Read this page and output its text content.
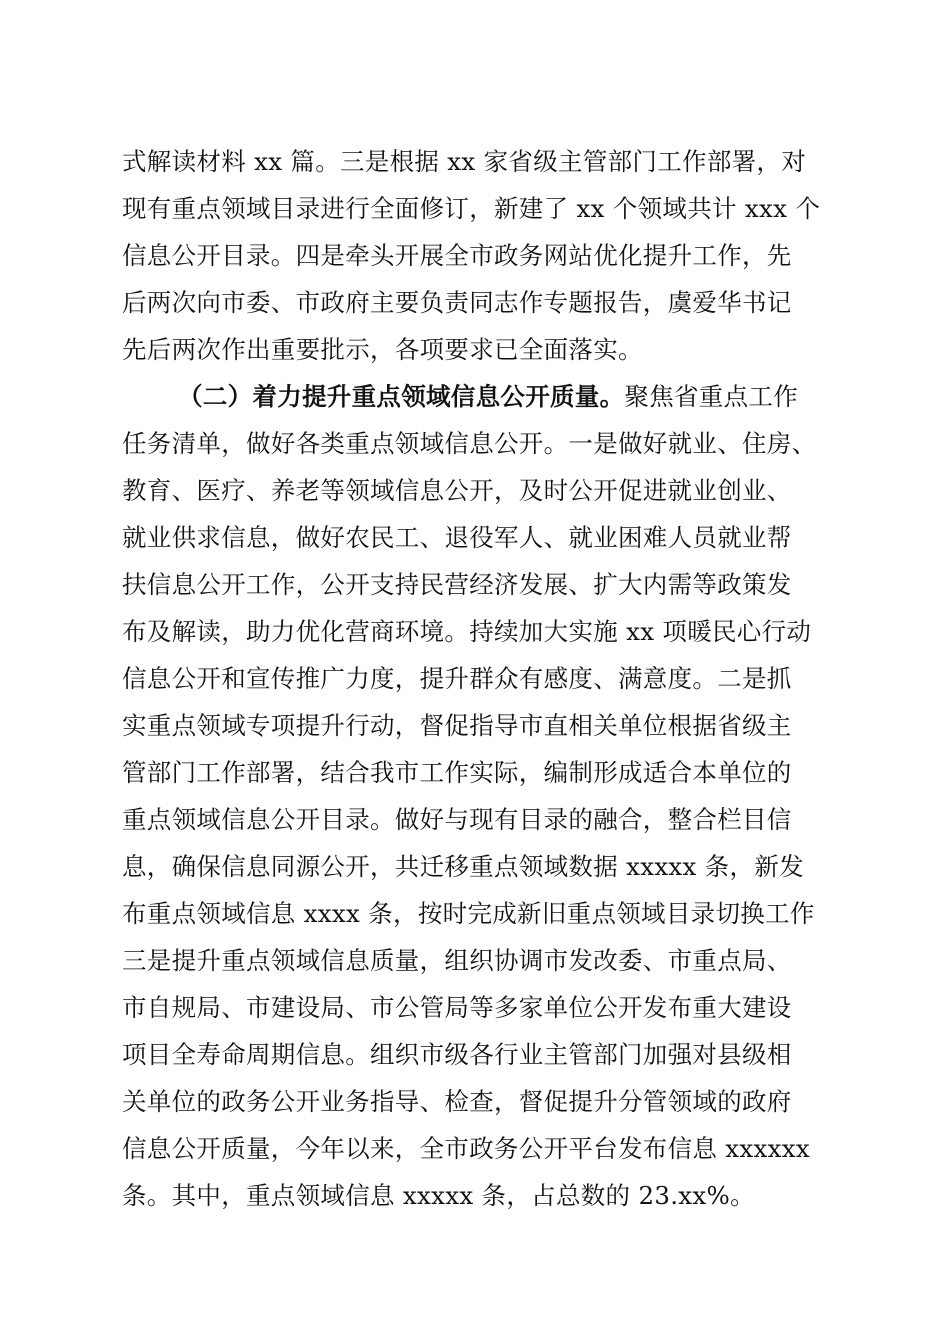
式解读材料 xx 篇。三是根据 xx 家省级主管部门工作部署，对
现有重点领域目录进行全面修订，新建了 xx 个领域共计 xxx 个
信息公开目录。四是牵头开展全市政务网站优化提升工作，先
后两次向市委、市政府主要负责同志作专题报告，虞爱华书记
先后两次作出重要批示，各项要求已全面落实。
（二）着力提升重点领域信息公开质量。聚焦省重点工作
任务清单，做好各类重点领域信息公开。一是做好就业、住房、
教育、医疗、养老等领域信息公开，及时公开促进就业创业、
就业供求信息，做好农民工、退役军人、就业困难人员就业帮
扶信息公开工作，公开支持民营经济发展、扩大内需等政策发
布及解读，助力优化营商环境。持续加大实施 xx 项暖民心行动
信息公开和宣传推广力度，提升群众有感度、满意度。二是抓
实重点领域专项提升行动，督促指导市直相关单位根据省级主
管部门工作部署，结合我市工作实际，编制形成适合本单位的
重点领域信息公开目录。做好与现有目录的融合，整合栏目信
息，确保信息同源公开，共迁移重点领域数据 xxxxx 条，新发
布重点领域信息 xxxx 条，按时完成新旧重点领域目录切换工作
三是提升重点领域信息质量，组织协调市发改委、市重点局、
市自规局、市建设局、市公管局等多家单位公开发布重大建设
项目全寿命周期信息。组织市级各行业主管部门加强对县级相
关单位的政务公开业务指导、检查，督促提升分管领域的政府
信息公开质量，今年以来，全市政务公开平台发布信息 xxxxxx
条。其中，重点领域信息 xxxxx 条，占总数的 23.xx%。
